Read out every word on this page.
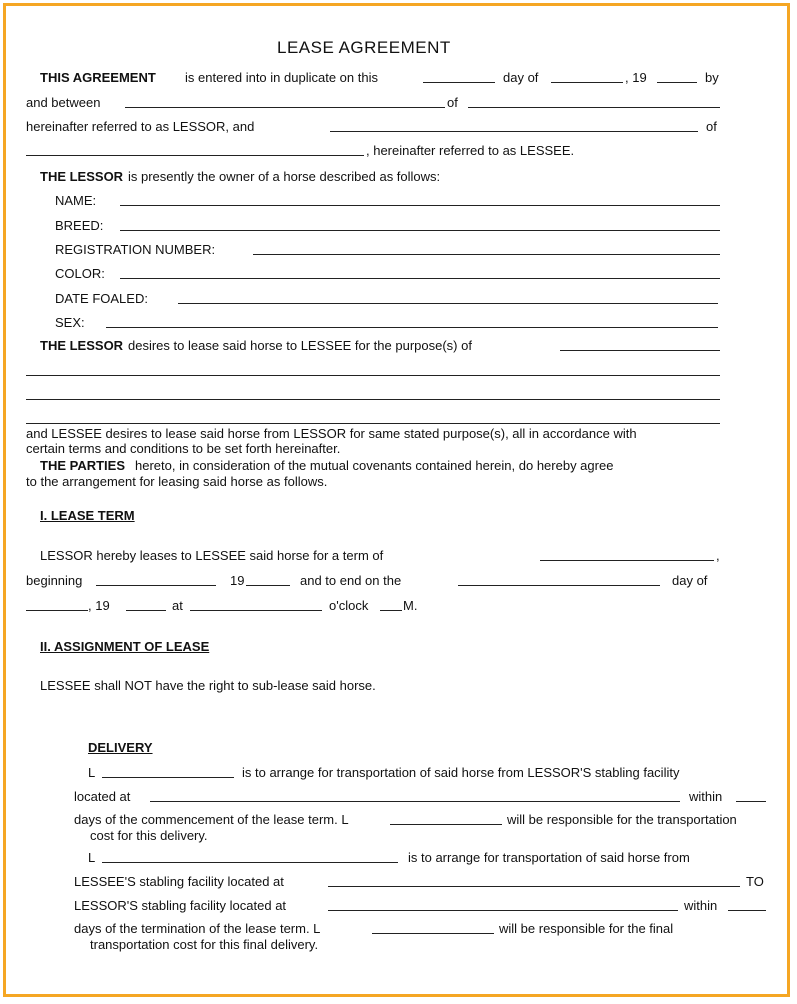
LEASE AGREEMENT
THIS AGREEMENT is entered into in duplicate on this	day of	, 19	by
and between	of
hereinafter referred to as LESSOR, and	of
, hereinafter referred to as LESSEE.
THE LESSOR is presently the owner of a horse described as follows:
NAME:
BREED:
REGISTRATION NUMBER:
COLOR:
DATE FOALED:
SEX:
THE LESSOR desires to lease said horse to LESSEE for the purpose(s) of
and LESSEE desires to lease said horse from LESSOR for same stated purpose(s), all in accordance with
certain terms and conditions to be set forth hereinafter.
THE PARTIES hereto, in consideration of the mutual covenants contained herein, do hereby agree
to the arrangement for leasing said horse as follows.
I. LEASE TERM
LESSOR hereby leases to LESSEE said horse for a term of	,
beginning	19	and to end on the	day of
, 19	at	o'clock	M.
II. ASSIGNMENT OF LEASE
LESSEE shall NOT have the right to sub-lease said horse.
DELIVERY
L	is to arrange for transportation of said horse from LESSOR'S stabling facility
located at	within
days of the commencement of the lease term. L	will be responsible for the transportation
cost for this delivery.
L	is to arrange for transportation of said horse from
LESSEE'S stabling facility located at	TO
LESSOR'S stabling facility located at	within
days of the termination of the lease term. L	will be responsible for the final
transportation cost for this final delivery.
